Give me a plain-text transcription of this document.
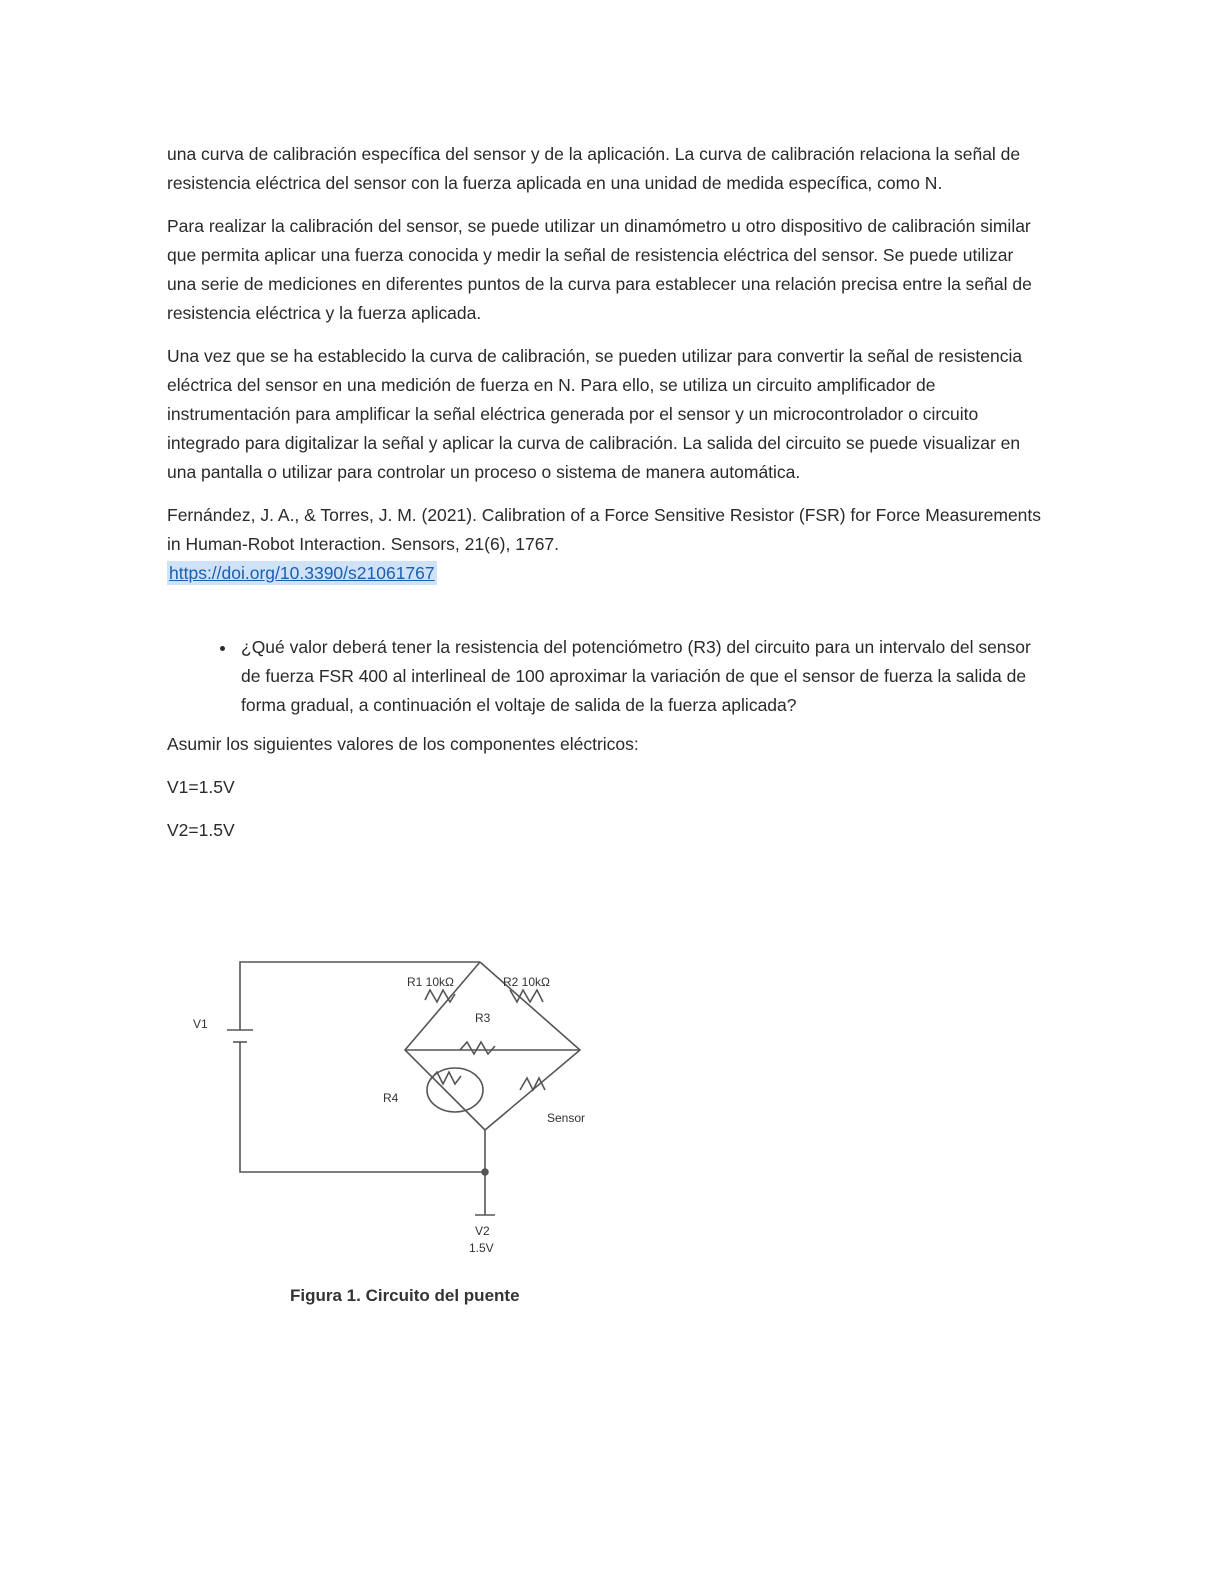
una curva de calibración específica del sensor y de la aplicación. La curva de calibración relaciona la señal de resistencia eléctrica del sensor con la fuerza aplicada en una unidad de medida específica, como N.

Para realizar la calibración del sensor, se puede utilizar un dinamómetro u otro dispositivo de calibración similar que permita aplicar una fuerza conocida y medir la señal de resistencia eléctrica del sensor. Se puede utilizar una serie de mediciones en diferentes puntos de la curva para establecer una relación precisa entre la señal de resistencia eléctrica y la fuerza aplicada.

Una vez que se ha establecido la curva de calibración, se pueden utilizar para convertir la señal de resistencia eléctrica del sensor en una medición de fuerza en N. Para ello, se utiliza un circuito amplificador de instrumentación para amplificar la señal eléctrica generada por el sensor y un microcontrolador o circuito integrado para digitalizar la señal y aplicar la curva de calibración. La salida del circuito se puede visualizar en una pantalla o utilizar para controlar un proceso o sistema de manera automática.

Fernández, J. A., & Torres, J. M. (2021). Calibration of a Force Sensitive Resistor (FSR) for Force Measurements in Human-Robot Interaction. Sensors, 21(6), 1767.
https://doi.org/10.3390/s21061767
• ¿Qué valor deberá tener la resistencia del potenciómetro (R3) del circuito para un intervalo del sensor de fuerza FSR 400 al interlineal de 100 aproximar la variación de que el sensor de fuerza la salida de forma gradual, a continuación el voltaje de salida de la fuerza aplicada?
Asumir los siguientes valores de los componentes eléctricos:
V1=1.5V
V2=1.5V
V1
R1 10kΩ	R2 10kΩ
R3
R4
Sensor
V2
1.5V
Figura 1. Circuito del puente
